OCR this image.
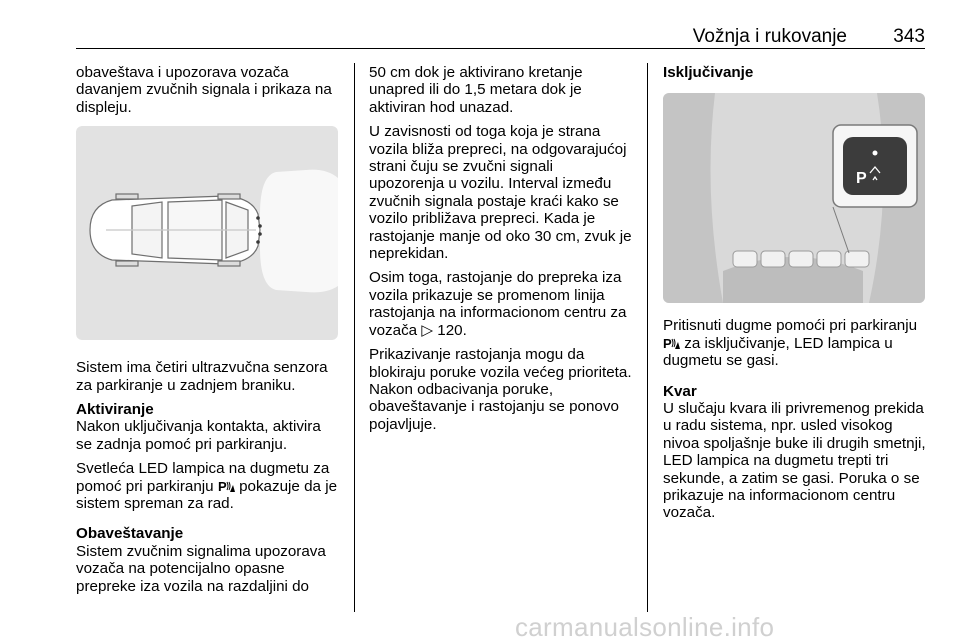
Vožnja i rukovanje 343

obaveštava i upozorava vozača davanjem zvučnih signala i prikaza na displeju.

Sistem ima četiri ultrazvučna senzora za parkiranje u zadnjem braniku.

Aktiviranje

Nakon uključivanja kontakta, aktivira se zadnja pomoć pri parkiranju.

Svetleća LED lampica na dugmetu za pomoć pri parkiranju P pokazuje da je sistem spreman za rad.

Obaveštavanje

Sistem zvučnim signalima upozorava vozača na potencijalno opasne prepreke iza vozila na razdaljini do

50 cm dok je aktivirano kretanje unapred ili do 1,5 metara dok je aktiviran hod unazad.

U zavisnosti od toga koja je strana vozila bliža prepreci, na odgovarajućoj strani čuju se zvučni signali upozorenja u vozilu. Interval između zvučnih signala postaje kraći kako se vozilo približava prepreci. Kada je rastojanje manje od oko 30 cm, zvuk je neprekidan.

Osim toga, rastojanje do prepreka iza vozila prikazuje se promenom linija rastojanja na informacionom centru za vozača ▷ 120.

Prikazivanje rastojanja mogu da blokiraju poruke vozila većeg prioriteta. Nakon odbacivanja poruke, obaveštavanje i rastojanju se ponovo pojavljuje.

Isključivanje

P

Pritisnuti dugme pomoći pri parkiranju
P za isključivanje, LED lampica u dugmetu se gasi.

Kvar

U slučaju kvara ili privremenog prekida u radu sistema, npr. usled visokog nivoa spoljašnje buke ili drugih smetnji, LED lampica na dugmetu trepti tri sekunde, a zatim se gasi. Poruka o se prikazuje na informacionom centru vozača.

carmanualsonline.info
